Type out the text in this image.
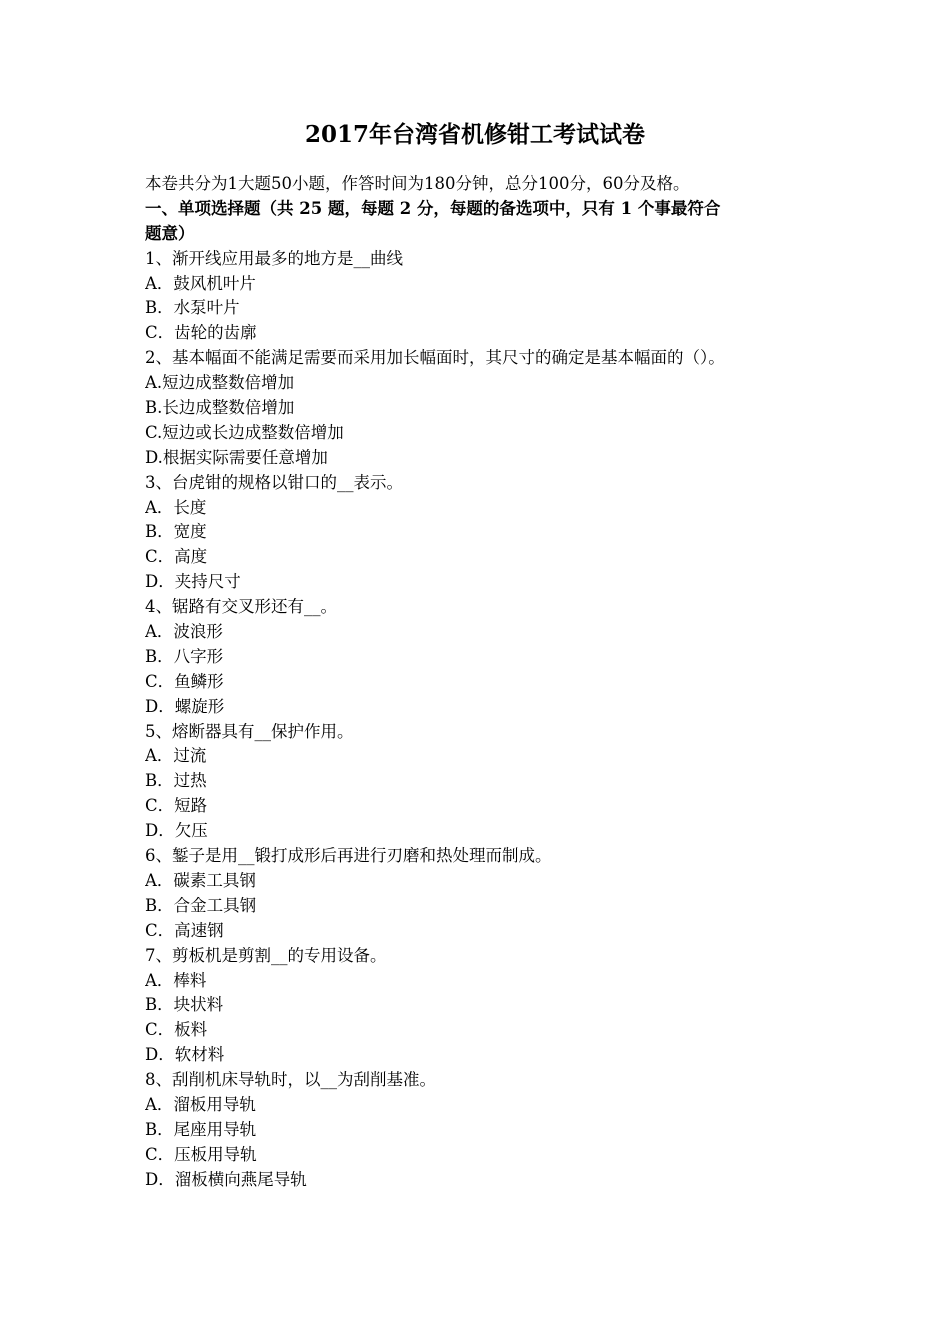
2017年台湾省机修钳工考试试卷
本卷共分为1大题50小题，作答时间为180分钟，总分100分，60分及格。
一、单项选择题（共 25 题，每题 2 分，每题的备选项中，只有 1 个事最符合
题意）
1、渐开线应用最多的地方是__曲线
A．鼓风机叶片
B．水泵叶片
C．齿轮的齿廓
2、基本幅面不能满足需要而采用加长幅面时，其尺寸的确定是基本幅面的（）。
A.短边成整数倍增加
B.长边成整数倍增加
C.短边或长边成整数倍增加
D.根据实际需要任意增加
3、台虎钳的规格以钳口的__表示。
A．长度
B．宽度
C．高度
D．夹持尺寸
4、锯路有交叉形还有__。
A．波浪形
B．八字形
C．鱼鳞形
D．螺旋形
5、熔断器具有__保护作用。
A．过流
B．过热
C．短路
D．欠压
6、錾子是用__锻打成形后再进行刃磨和热处理而制成。
A．碳素工具钢
B．合金工具钢
C．高速钢
7、剪板机是剪割__的专用设备。
A．棒料
B．块状料
C．板料
D．软材料
8、刮削机床导轨时，以__为刮削基准。
A．溜板用导轨
B．尾座用导轨
C．压板用导轨
D．溜板横向燕尾导轨
